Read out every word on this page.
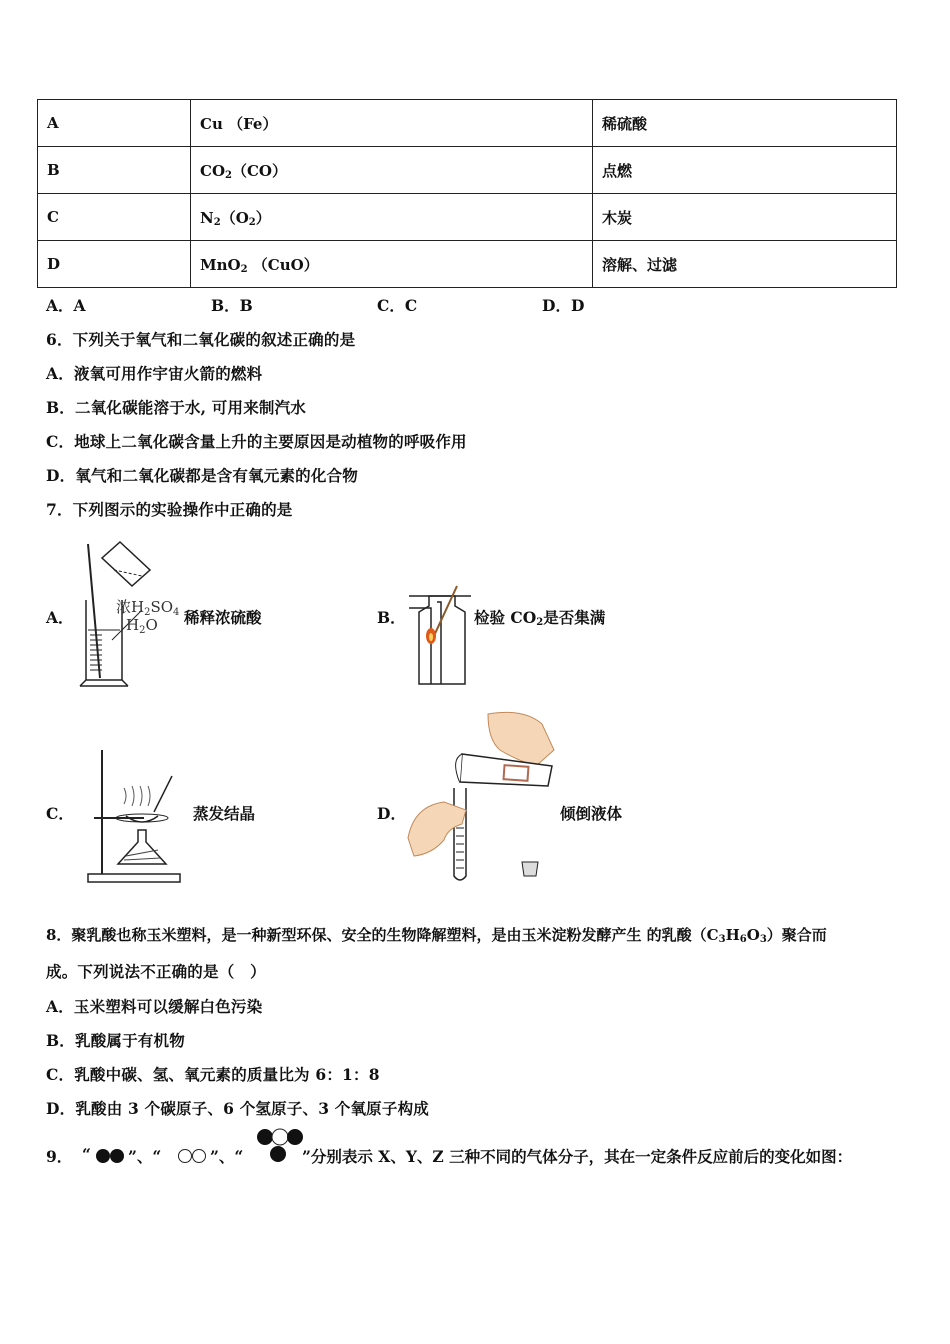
A	Cu （Fe）	稀硫酸
B	$CO_2(CO)$	点燃
C	$N_2(O_2)$	木炭
D	MnO$_2$ （CuO）	溶解、过滤
A．A	B．B	C．C	D．D
6．下列关于氧气和二氧化碳的叙述正确的是
A．液氧可用作宇宙火箭的燃料
B．二氧化碳能溶于水, 可用来制汽水
C．地球上二氧化碳含量上升的主要原因是动植物的呼吸作用
D．氧气和二氧化碳都是含有氧元素的化合物
7．下列图示的实验操作中正确的是
A．
浓$H_2SO_4$
$H_2O$ 稀释浓硫酸	B．	检验 $CO_2$是否集满
C．	蒸发结晶	D．	倾倒液体
8．聚乳酸也称玉米塑料，是一种新型环保、安全的生物降解塑料，是由玉米淀粉发酵产生 的乳酸$(C_3H_6O_3)$聚合而
成。下列说法不正确的是（　）
A．玉米塑料可以缓解白色污染
B．乳酸属于有机物
C．乳酸中碳、氢、氧元素的质量比为 6：1：8
D．乳酸由 3 个碳原子、6 个氢原子、3 个氧原子构成
9． “ ”、“	”、“	”分别表示 X、Y、Z 三种不同的气体分子，其在一定条件反应前后的变化如图：
